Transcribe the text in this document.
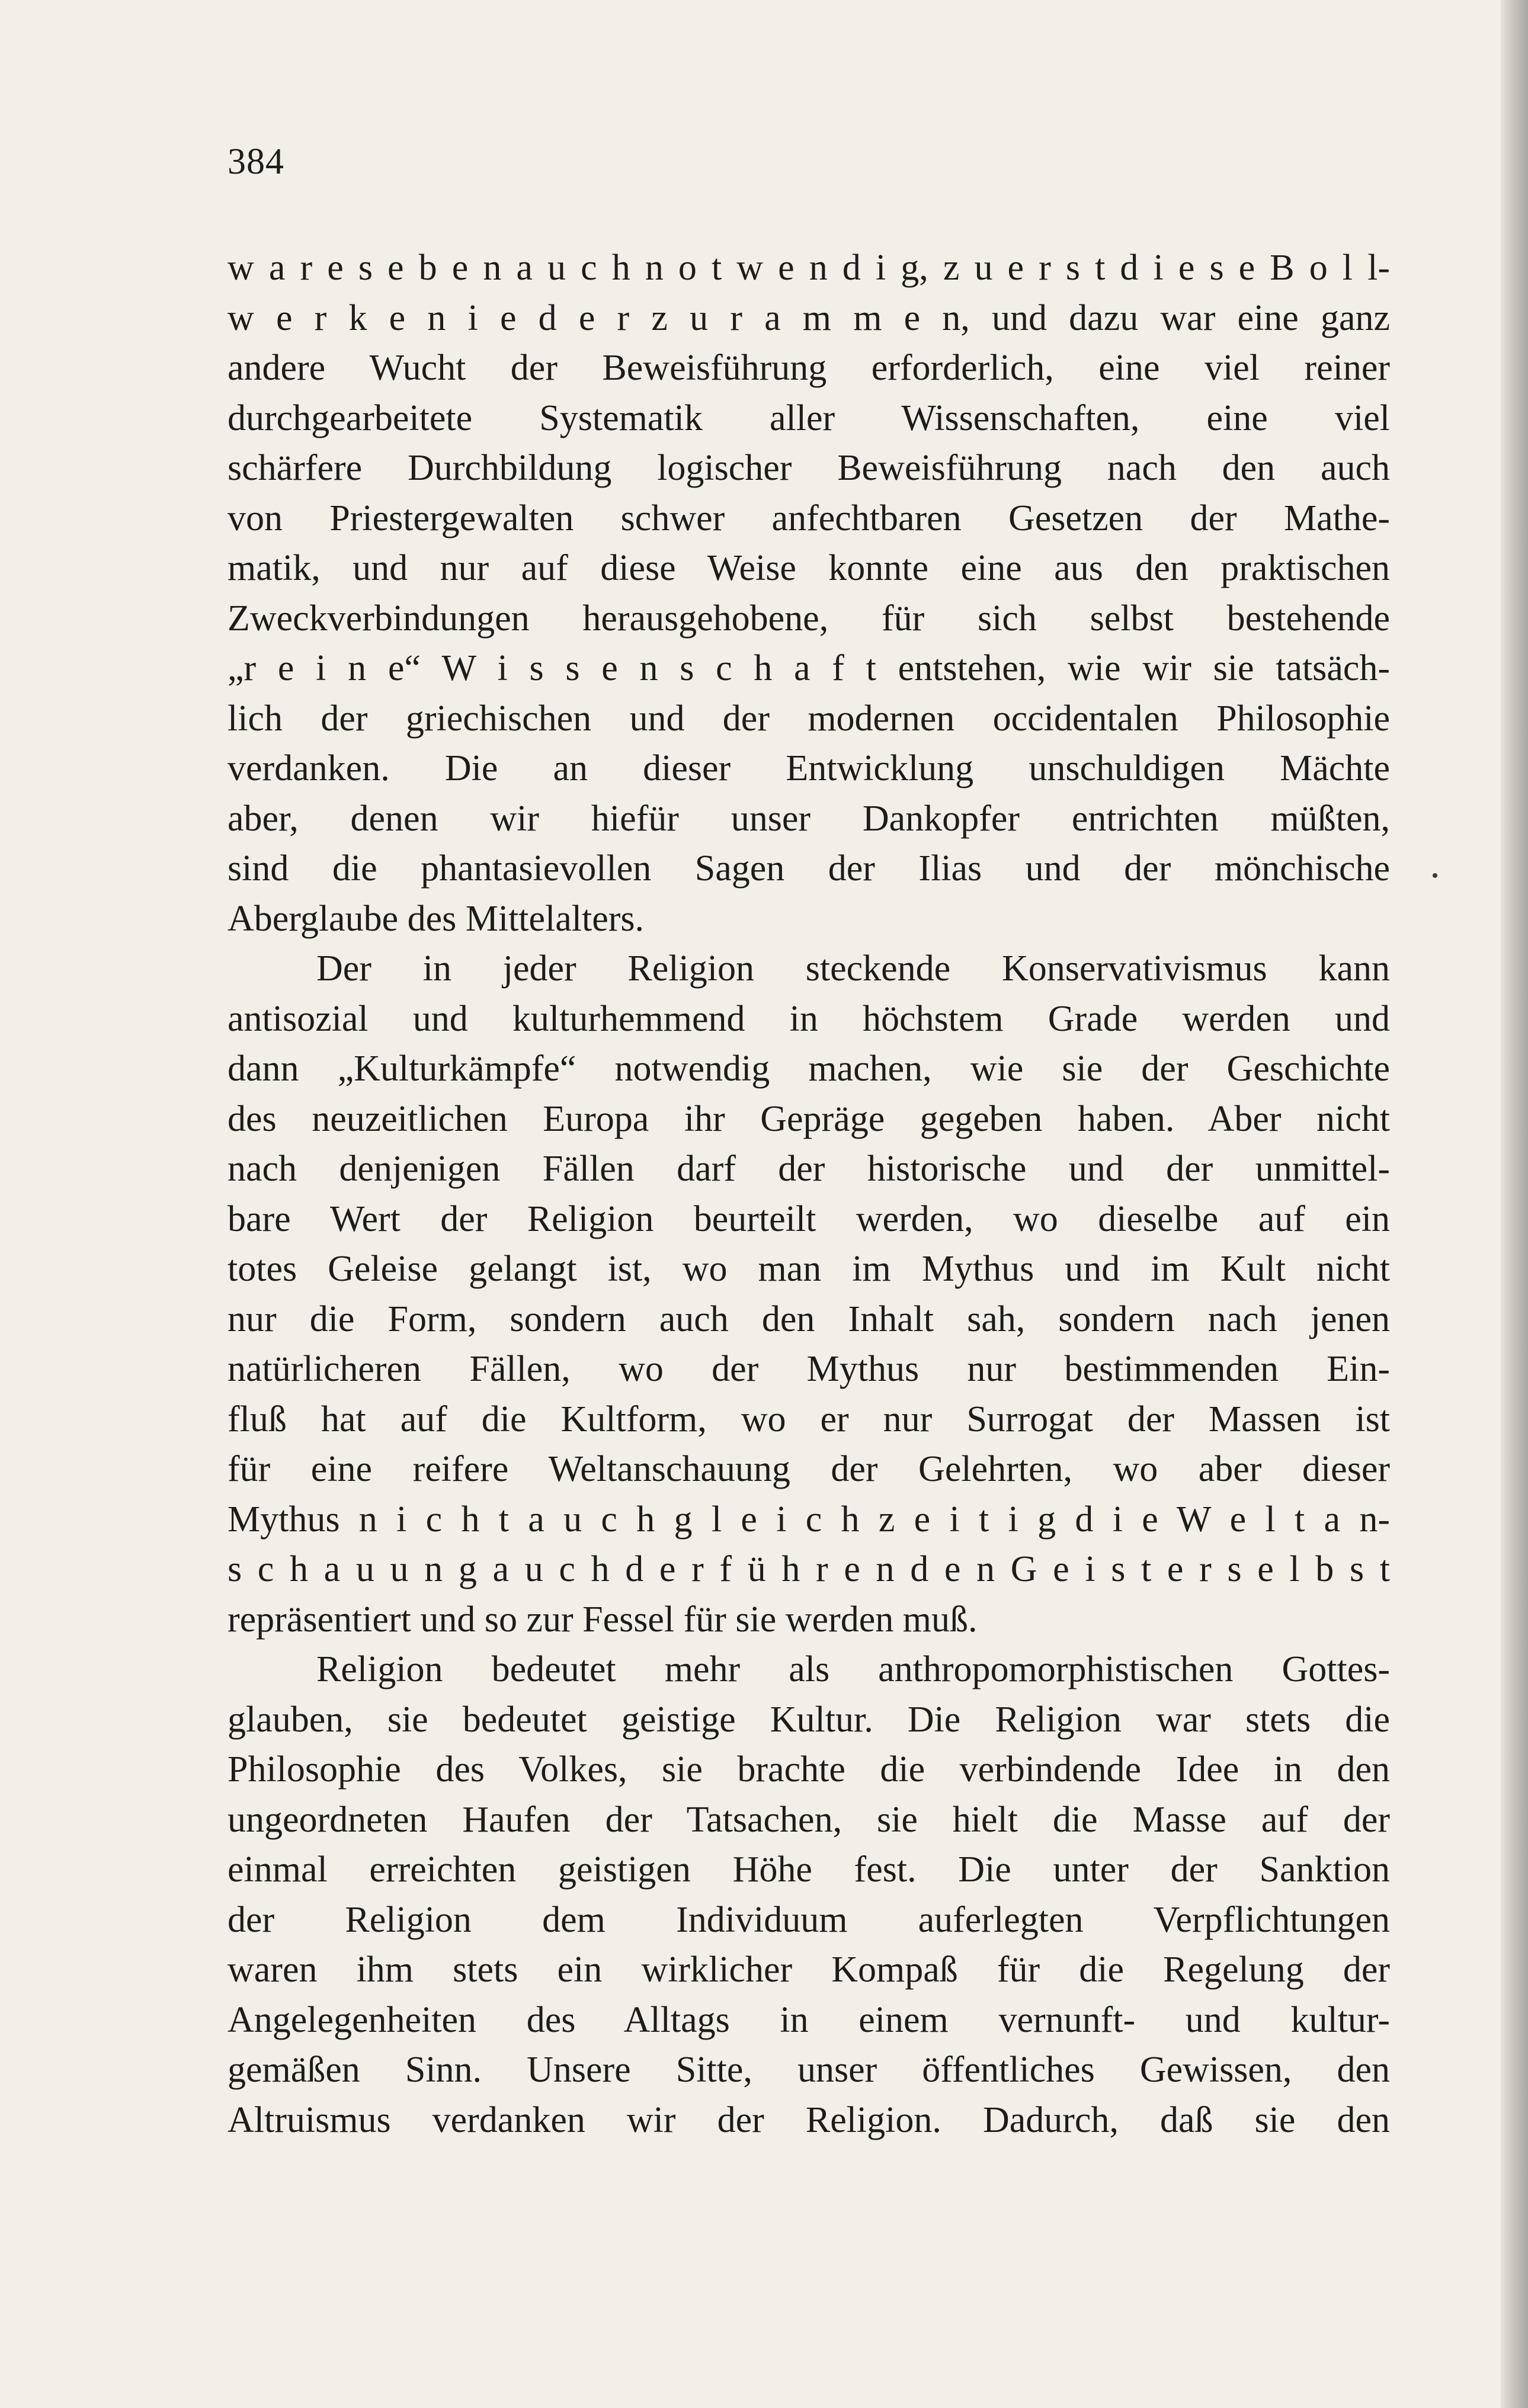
384
w a r e s e b e n a u c h n o t w e n d i g, z u e r s t d i e s e B o l l-
w e r k e n i e d e r z u r a m m e n, und dazu war eine ganz
andere Wucht der Beweisführung erforderlich, eine viel reiner
durchgearbeitete Systematik aller Wissenschaften, eine viel
schärfere Durchbildung logischer Beweisführung nach den auch
von Priestergewalten schwer anfechtbaren Gesetzen der Mathe-
matik, und nur auf diese Weise konnte eine aus den praktischen
Zweckverbindungen herausgehobene, für sich selbst bestehende
„r e i n e“ W i s s e n s c h a f t entstehen, wie wir sie tatsäch-
lich der griechischen und der modernen occidentalen Philosophie
verdanken. Die an dieser Entwicklung unschuldigen Mächte
aber, denen wir hiefür unser Dankopfer entrichten müßten,
sind die phantasievollen Sagen der Ilias und der mönchische
Aberglaube des Mittelalters.
Der in jeder Religion steckende Konservativismus kann
antisozial und kulturhemmend in höchstem Grade werden und
dann „Kulturkämpfe“ notwendig machen, wie sie der Geschichte
des neuzeitlichen Europa ihr Gepräge gegeben haben. Aber nicht
nach denjenigen Fällen darf der historische und der unmittel-
bare Wert der Religion beurteilt werden, wo dieselbe auf ein
totes Geleise gelangt ist, wo man im Mythus und im Kult nicht
nur die Form, sondern auch den Inhalt sah, sondern nach jenen
natürlicheren Fällen, wo der Mythus nur bestimmenden Ein-
fluß hat auf die Kultform, wo er nur Surrogat der Massen ist
für eine reifere Weltanschauung der Gelehrten, wo aber dieser
Mythus n i c h t a u c h g l e i c h z e i t i g d i e W e l t a n-
s c h a u u n g a u c h d e r f ü h r e n d e n G e i s t e r s e l b s t
repräsentiert und so zur Fessel für sie werden muß.
Religion bedeutet mehr als anthropomorphistischen Gottes-
glauben, sie bedeutet geistige Kultur. Die Religion war stets die
Philosophie des Volkes, sie brachte die verbindende Idee in den
ungeordneten Haufen der Tatsachen, sie hielt die Masse auf der
einmal erreichten geistigen Höhe fest. Die unter der Sanktion
der Religion dem Individuum auferlegten Verpflichtungen
waren ihm stets ein wirklicher Kompaß für die Regelung der
Angelegenheiten des Alltags in einem vernunft- und kultur-
gemäßen Sinn. Unsere Sitte, unser öffentliches Gewissen, den
Altruismus verdanken wir der Religion. Dadurch, daß sie den
